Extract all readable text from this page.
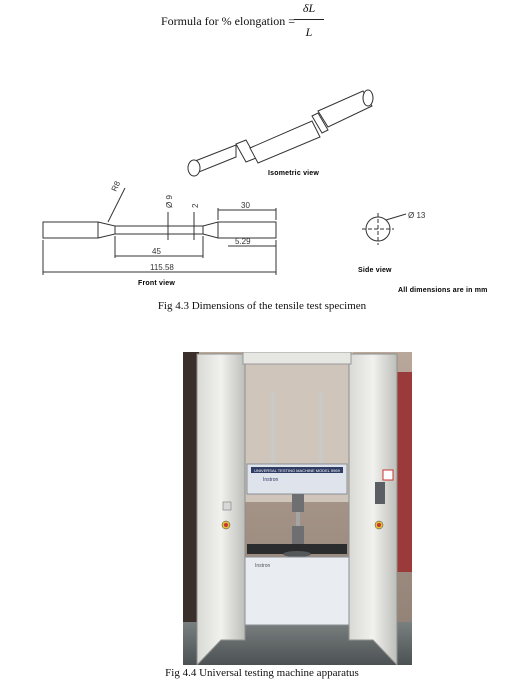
Formula for % elongation =
δL
L
Isometric view
R8
Ø 9 2	30
45
5.29
115.58
Front view
Ø 13
Side view
All dimensions are in mm
Fig 4.3 Dimensions of the tensile test specimen
UNIVERSAL TESTING MACHINE MODEL 5969
Instron
Instron
Fig 4.4 Universal testing machine apparatus
